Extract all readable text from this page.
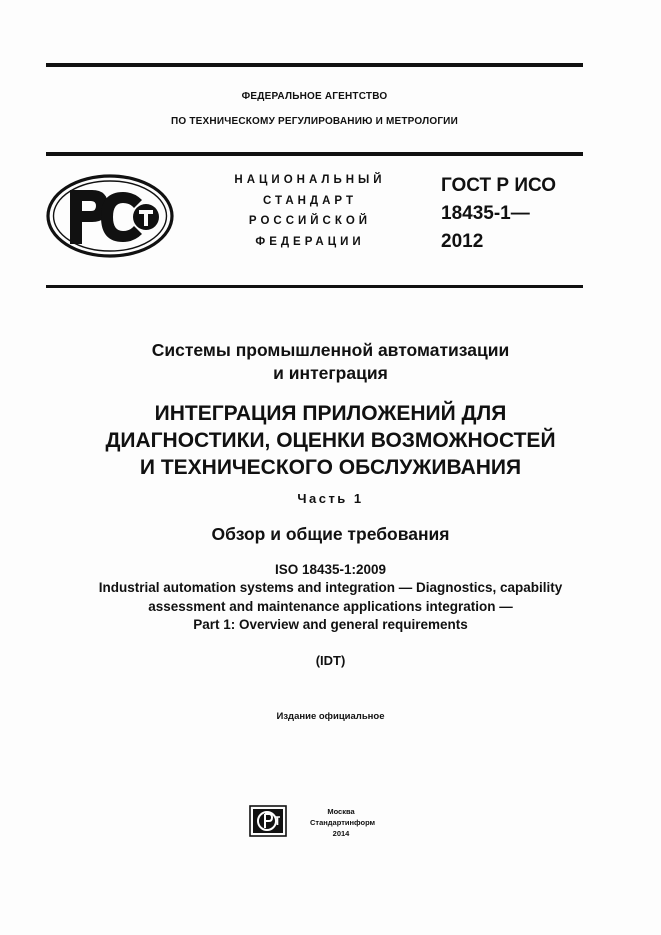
ФЕДЕРАЛЬНОЕ АГЕНТСТВО
ПО ТЕХНИЧЕСКОМУ РЕГУЛИРОВАНИЮ И МЕТРОЛОГИИ
НАЦИОНАЛЬНЫЙ
СТАНДАРТ
РОССИЙСКОЙ
ФЕДЕРАЦИИ
ГОСТ Р ИСО
18435-1—
2012
Системы промышленной автоматизации
и интеграция
ИНТЕГРАЦИЯ ПРИЛОЖЕНИЙ ДЛЯ
ДИАГНОСТИКИ, ОЦЕНКИ ВОЗМОЖНОСТЕЙ
И ТЕХНИЧЕСКОГО ОБСЛУЖИВАНИЯ
Часть 1
Обзор и общие требования
ISO 18435-1:2009
Industrial automation systems and integration — Diagnostics, capability
assessment and maintenance applications integration —
Part 1: Overview and general requirements
(IDT)
Издание официальное
Москва
Стандартинформ
2014
